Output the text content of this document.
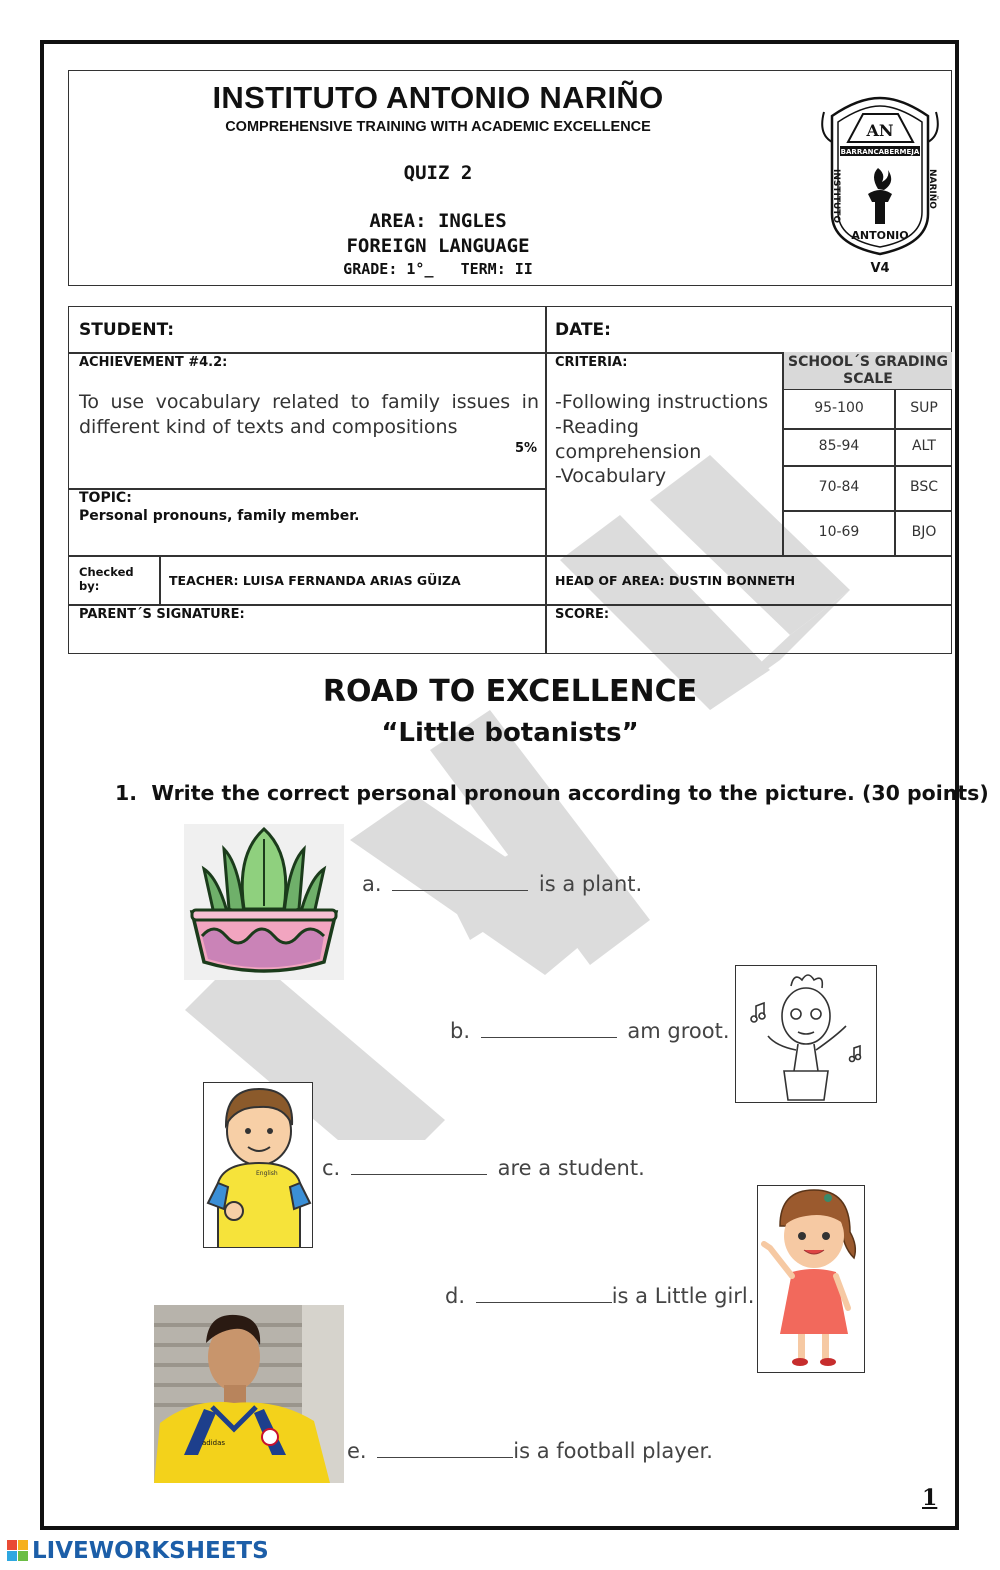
INSTITUTO ANTONIO NARIÑO
COMPREHENSIVE TRAINING WITH ACADEMIC EXCELLENCE
QUIZ 2
AREA: INGLES
FOREIGN LANGUAGE
GRADE: 1°_   TERM: II
AN
BARRANCABERMEJA
INSTITUTO	NARIÑO
ANTONIO
V4
STUDENT:	DATE:
ACHIEVEMENT #4.2:
To use vocabulary related to family issues in different kind of texts and compositions
5%
CRITERIA:
-Following instructions
-Reading
comprehension
-Vocabulary
SCHOOL´S GRADING SCALE
95-100	SUP
85-94	ALT
70-84	BSC
10-69	BJO
TOPIC:
Personal pronouns, family member.
Checked by:	TEACHER: LUISA FERNANDA ARIAS GÜIZA	HEAD OF AREA: DUSTIN BONNETH
PARENT´S SIGNATURE:	SCORE:
ROAD TO EXCELLENCE
“Little botanists”
1.  Write the correct personal pronoun according to the picture. (30 points)
a.	is a plant.
b.	am groot.
English c.	are a student.
d.	is a Little girl.
adidas	e.	is a football player.
1
LIVEWORKSHEETS
